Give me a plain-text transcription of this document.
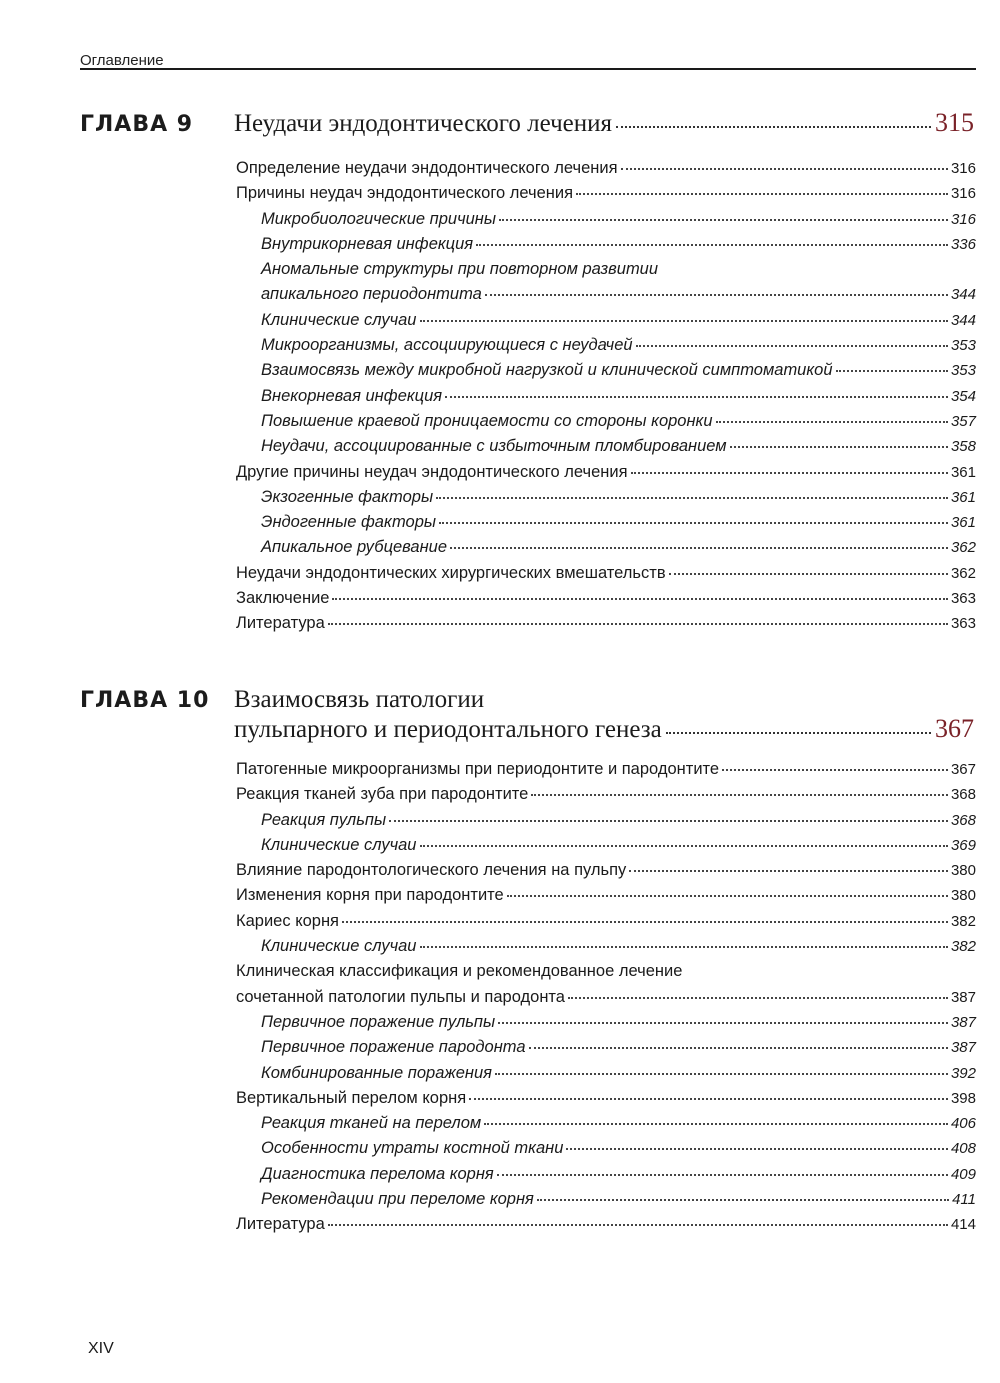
Оглавление
ГЛАВА 9 Неудачи эндодонтического лечения	315
Определение неудачи эндодонтического лечения	316
Причины неудач эндодонтического лечения	316
Микробиологические причины	316
Внутрикорневая инфекция	336
Аномальные структуры при повторном развитии
апикального периодонтита	344
Клинические случаи	344
Микроорганизмы, ассоциирующиеся с неудачей	353
Взаимосвязь между микробной нагрузкой и клинической симптоматикой	353
Внекорневая инфекция	354
Повышение краевой проницаемости со стороны коронки	357
Неудачи, ассоциированные с избыточным пломбированием	358
Другие причины неудач эндодонтического лечения	361
Экзогенные факторы	361
Эндогенные факторы	361
Апикальное рубцевание	362
Неудачи эндодонтических хирургических вмешательств	362
Заключение	363
Литература	363
ГЛАВА 10 Взаимосвязь патологии
пульпарного и периодонтального генеза	367
Патогенные микроорганизмы при периодонтите и пародонтите	367
Реакция тканей зуба при пародонтите	368
Реакция пульпы	368
Клинические случаи	369
Влияние пародонтологического лечения на пульпу	380
Изменения корня при пародонтите	380
Кариес корня	382
Клинические случаи	382
Клиническая классификация и рекомендованное лечение
сочетанной патологии пульпы и пародонта	387
Первичное поражение пульпы	387
Первичное поражение пародонта	387
Комбинированные поражения	392
Вертикальный перелом корня	398
Реакция тканей на перелом	406
Особенности утраты костной ткани	408
Диагностика перелома корня	409
Рекомендации при переломе корня	411
Литература	414
XIV
